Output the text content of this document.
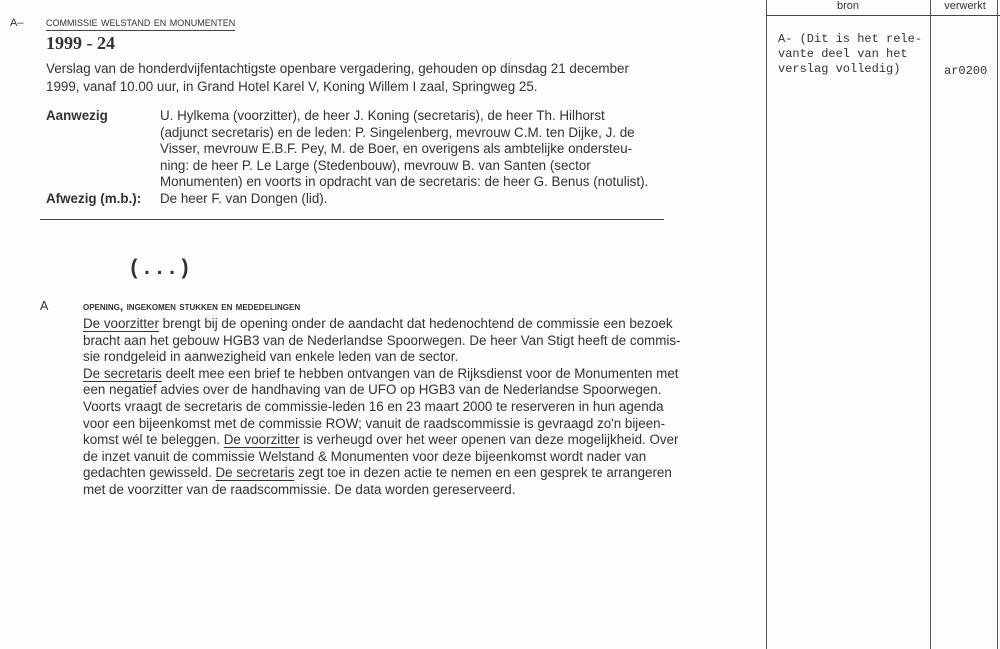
A– commissie welstand en monumenten
1999 - 24
Verslag van de honderdvijfentachtigste openbare vergadering, gehouden op dinsdag 21 december
1999, vanaf 10.00 uur, in Grand Hotel Karel V, Koning Willem I zaal, Springweg 25.
Aanwezig	U. Hylkema (voorzitter), de heer J. Koning (secretaris), de heer Th. Hilhorst
(adjunct secretaris) en de leden: P. Singelenberg, mevrouw C.M. ten Dijke, J. de
Visser, mevrouw E.B.F. Pey, M. de Boer, en overigens als ambtelijke ondersteu-
ning: de heer P. Le Large (Stedenbouw), mevrouw B. van Santen (sector
Monumenten) en voorts in opdracht van de secretaris: de heer G. Benus (notulist).
Afwezig (m.b.): De heer F. van Dongen (lid).
(...)
A	opening, ingekomen stukken en mededelingen
De voorzitter brengt bij de opening onder de aandacht dat hedenochtend de commissie een bezoek
bracht aan het gebouw HGB3 van de Nederlandse Spoorwegen. De heer Van Stigt heeft de commis-
sie rondgeleid in aanwezigheid van enkele leden van de sector.
De secretaris deelt mee een brief te hebben ontvangen van de Rijksdienst voor de Monumenten met
een negatief advies over de handhaving van de UFO op HGB3 van de Nederlandse Spoorwegen.
Voorts vraagt de secretaris de commissie-leden 16 en 23 maart 2000 te reserveren in hun agenda
voor een bijeenkomst met de commissie ROW; vanuit de raadscommissie is gevraagd zo'n bijeen-
komst wél te beleggen. De voorzitter is verheugd over het weer openen van deze mogelijkheid. Over
de inzet vanuit de commissie Welstand & Monumenten voor deze bijeenkomst wordt nader van
gedachten gewisseld. De secretaris zegt toe in dezen actie te nemen en een gesprek te arrangeren
met de voorzitter van de raadscommissie. De data worden gereserveerd.
bron	verwerkt
A- (Dit is het rele-
vante deel van het
verslag volledig)	ar0200
